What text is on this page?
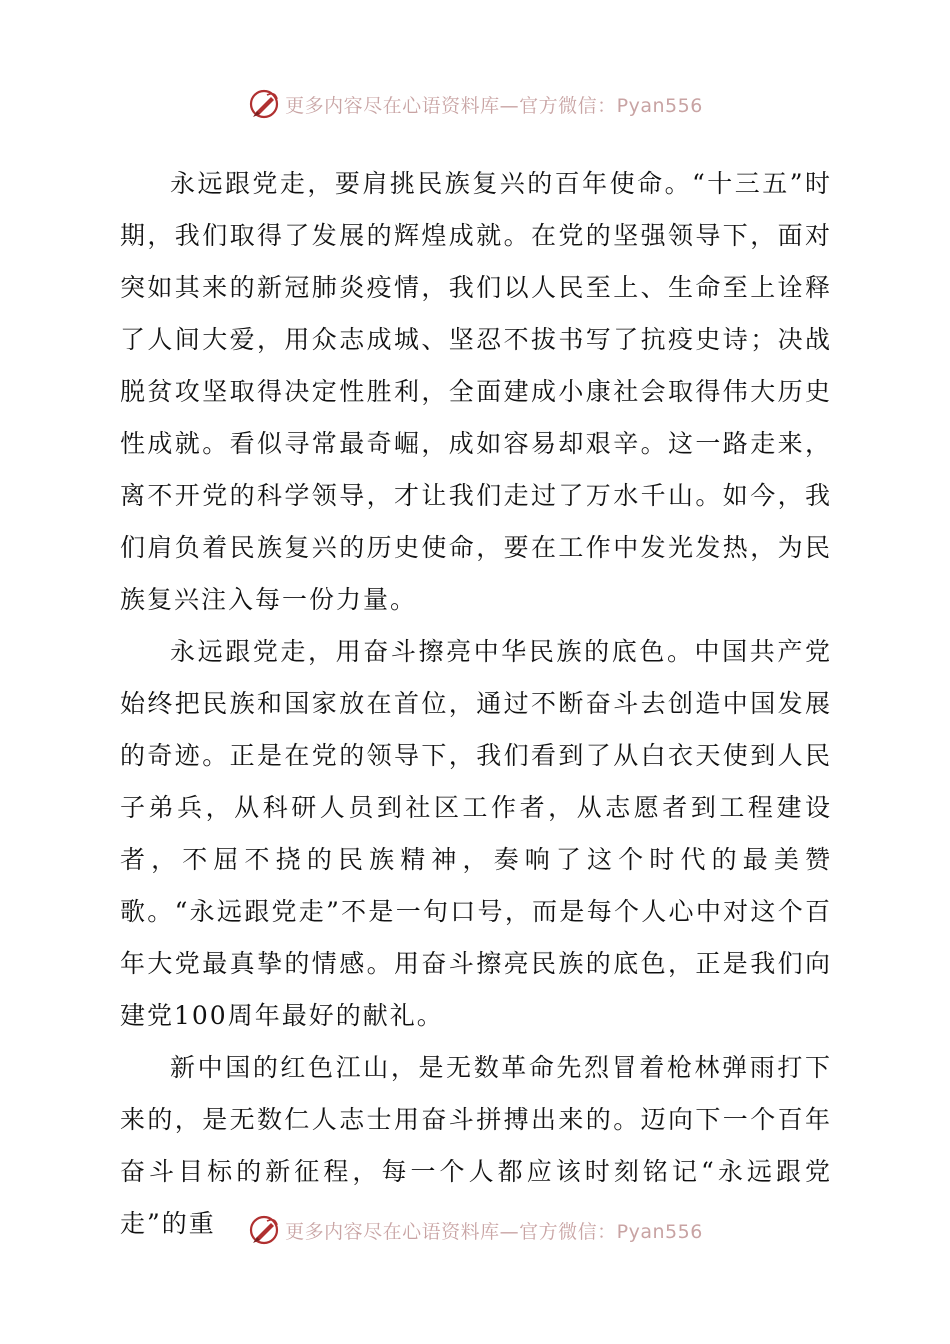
更多内容尽在心语资料库—官方微信：Pyan556

永远跟党走，要肩挑民族复兴的百年使命。“十三五”时期，我们取得了发展的辉煌成就。在党的坚强领导下，面对突如其来的新冠肺炎疫情，我们以人民至上、生命至上诠释了人间大爱，用众志成城、坚忍不拔书写了抗疫史诗；决战脱贫攻坚取得决定性胜利，全面建成小康社会取得伟大历史性成就。看似寻常最奇崛，成如容易却艰辛。这一路走来，离不开党的科学领导，才让我们走过了万水千山。如今，我们肩负着民族复兴的历史使命，要在工作中发光发热，为民族复兴注入每一份力量。

永远跟党走，用奋斗擦亮中华民族的底色。中国共产党始终把民族和国家放在首位，通过不断奋斗去创造中国发展的奇迹。正是在党的领导下，我们看到了从白衣天使到人民子弟兵，从科研人员到社区工作者，从志愿者到工程建设者，不屈不挠的民族精神，奏响了这个时代的最美赞歌。“永远跟党走”不是一句口号，而是每个人心中对这个百年大党最真挚的情感。用奋斗擦亮民族的底色，正是我们向建党100周年最好的献礼。

新中国的红色江山，是无数革命先烈冒着枪林弹雨打下来的，是无数仁人志士用奋斗拼搏出来的。迈向下一个百年奋斗目标的新征程，每一个人都应该时刻铭记“永远跟党走”的重	更多内容尽在心语资料库—官方微信：Pyan556
